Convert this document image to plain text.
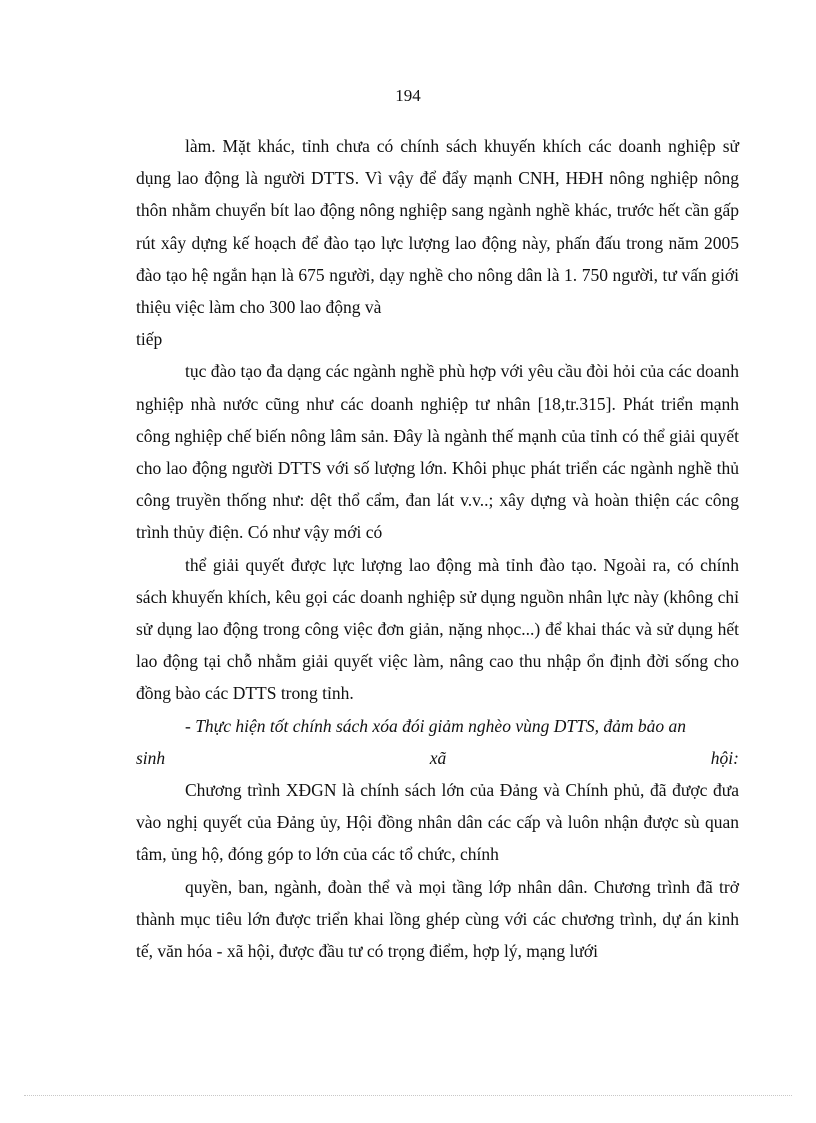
194

làm. Mặt khác, tỉnh chưa có chính sách khuyến khích các doanh nghiệp sử dụng lao động là người DTTS. Vì vậy để đẩy mạnh CNH, HĐH nông nghiệp nông thôn nhằm chuyển bít lao động nông nghiệp sang ngành nghề khác, trước hết cần gấp rút xây dựng kế hoạch để đào tạo lực lượng lao động này, phấn đấu trong năm 2005 đào tạo hệ ngắn hạn là 675 người, dạy nghề cho nông dân là 1. 750 người, tư vấn giới thiệu việc làm cho 300 lao động và

tiếp

tục đào tạo đa dạng các ngành nghề phù hợp với yêu cầu đòi hỏi của các doanh nghiệp nhà nước cũng như các doanh nghiệp tư nhân [18,tr.315]. Phát triển mạnh công nghiệp chế biến nông lâm sản. Đây là ngành thế mạnh của tỉnh có thể giải quyết cho lao động người DTTS với số lượng lớn. Khôi phục phát triển các ngành nghề thủ công truyền thống như: dệt thổ cẩm, đan lát v.v..; xây dựng và hoàn thiện các công trình thủy điện. Có như vậy mới có

thể giải quyết được lực lượng lao động mà tỉnh đào tạo. Ngoài ra, có chính sách khuyến khích, kêu gọi các doanh nghiệp sử dụng nguồn nhân lực này (không chỉ sử dụng lao động trong công việc đơn giản, nặng nhọc...) để khai thác và sử dụng hết lao động tại chỗ nhằm giải quyết việc làm, nâng cao thu nhập ổn định đời sống cho đồng bào các DTTS trong tỉnh.

- Thực hiện tốt chính sách xóa đói giảm nghèo vùng DTTS, đảm bảo an

sinh	xã	hội:

Chương trình XĐGN là chính sách lớn của Đảng và Chính phủ, đã được đưa vào nghị quyết của Đảng ủy, Hội đồng nhân dân các cấp và luôn nhận được sù quan tâm, ủng hộ, đóng góp to lớn của các tổ chức, chính

quyền, ban, ngành, đoàn thể và mọi tầng lớp nhân dân. Chương trình đã trở thành mục tiêu lớn được triển khai lồng ghép cùng với các chương trình, dự án kinh tế, văn hóa - xã hội, được đầu tư có trọng điểm, hợp lý, mạng lưới
